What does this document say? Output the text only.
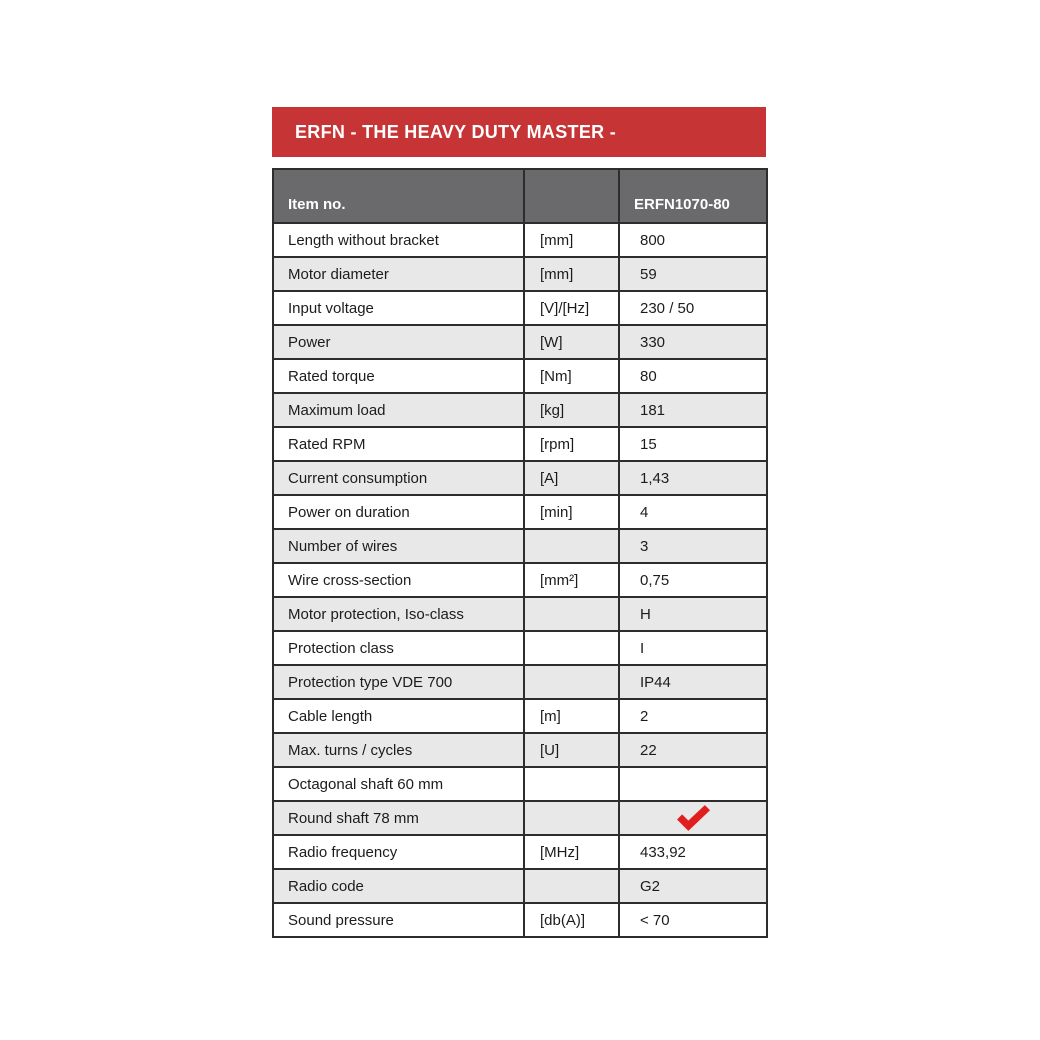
ERFN - THE HEAVY DUTY MASTER -
Item no.		ERFN1070-80
Length without bracket	[mm]	800
Motor diameter	[mm]	59
Input voltage	[V]/[Hz]	230 / 50
Power	[W]	330
Rated torque	[Nm]	80
Maximum load	[kg]	181
Rated RPM	[rpm]	15
Current consumption	[A]	1,43
Power on duration	[min]	4
Number of wires		3
Wire cross-section	[mm²]	0,75
Motor protection, Iso-class		H
Protection class		I
Protection type VDE 700		IP44
Cable length	[m]	2
Max. turns / cycles	[U]	22
Octagonal shaft 60 mm		
Round shaft 78 mm		
Radio frequency	[MHz]	433,92
Radio code		G2
Sound pressure	[db(A)]	< 70
